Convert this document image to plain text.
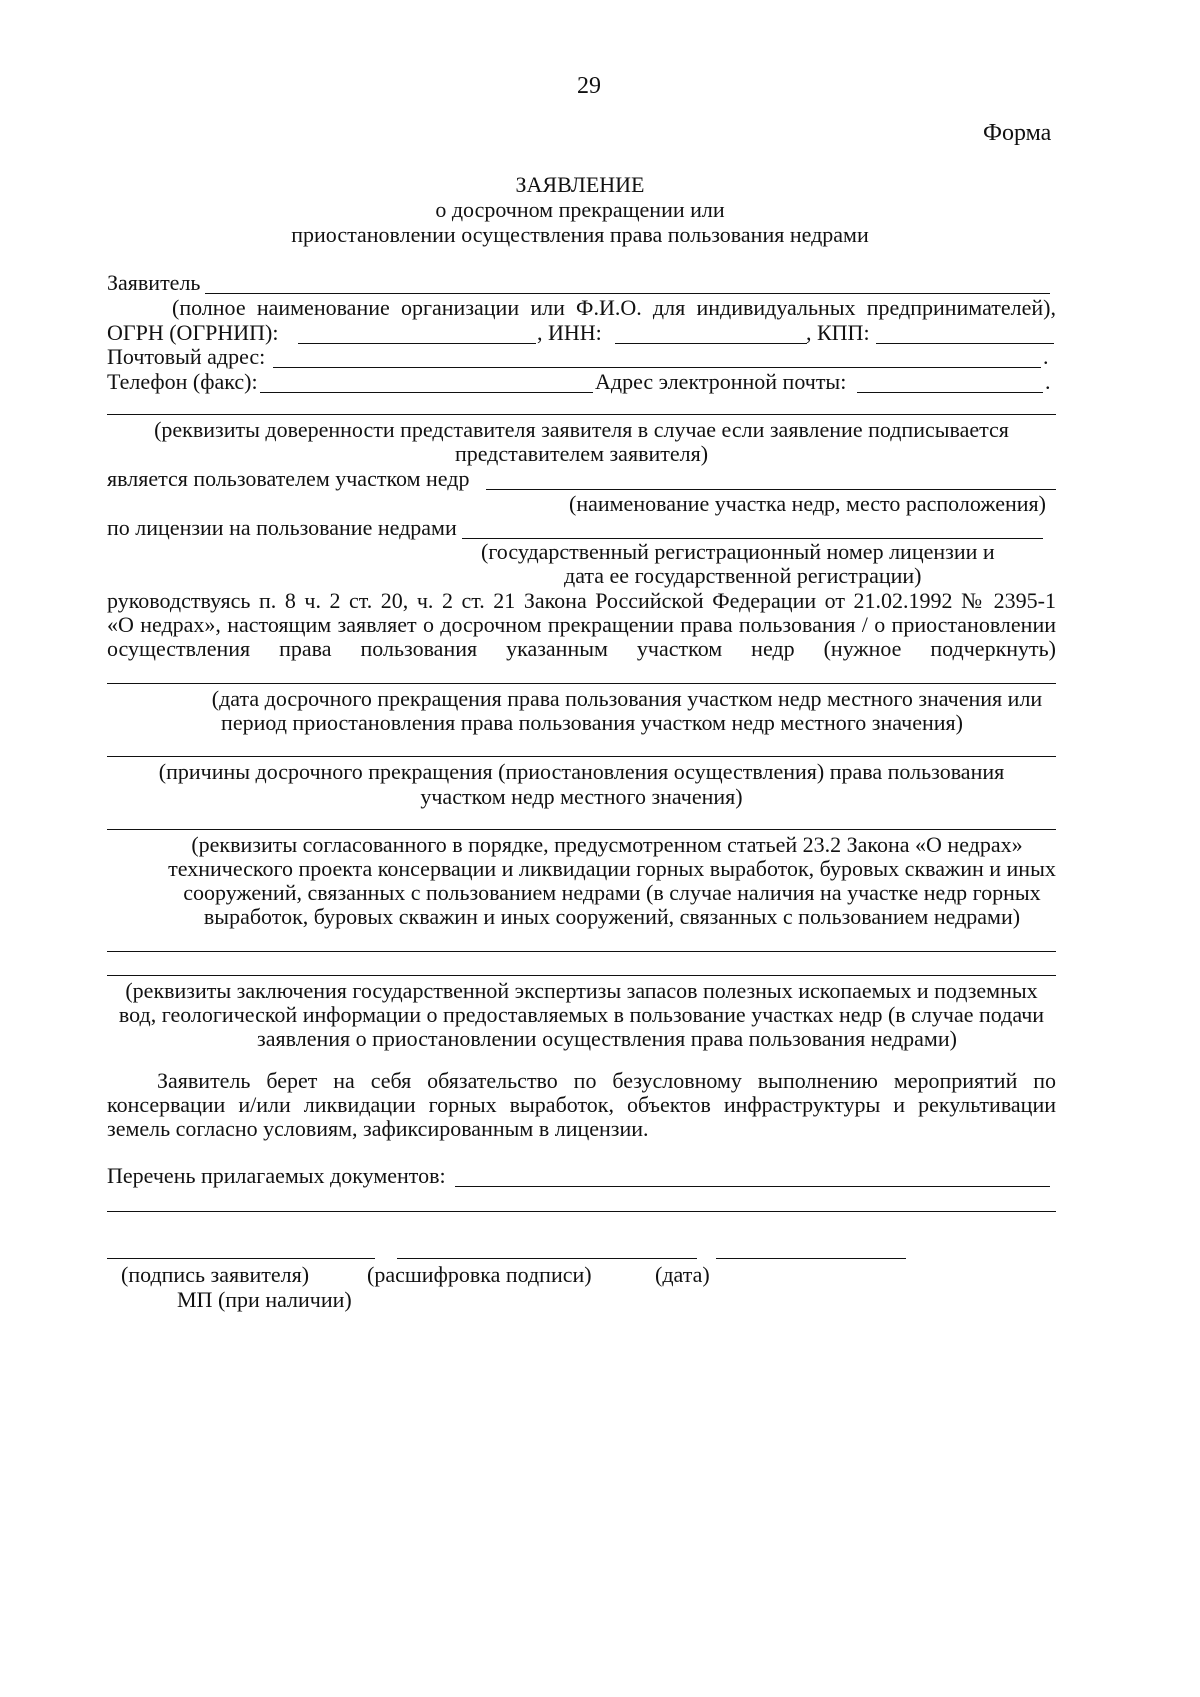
29
Форма
ЗАЯВЛЕНИЕ
о досрочном прекращении или
приостановлении осуществления права пользования недрами
Заявитель
(полное наименование организации или Ф.И.О. для индивидуальных предпринимателей),
ОГРН (ОГРНИП):	, ИНН:	, КПП:
Почтовый адрес:	.
Телефон (факс):	Адрес электронной почты:	.
(реквизиты доверенности представителя заявителя в случае если заявление подписывается
представителем заявителя)
является пользователем участком недр
(наименование участка недр, место расположения)
по лицензии на пользование недрами
(государственный регистрационный номер лицензии и
дата ее государственной регистрации)
руководствуясь п. 8 ч. 2 ст. 20, ч. 2 ст. 21 Закона Российской Федерации от 21.02.1992 № 2395-1
«О недрах», настоящим заявляет о досрочном прекращении права пользования / о приостановлении
осуществления права пользования указанным участком недр (нужное подчеркнуть)
(дата досрочного прекращения права пользования участком недр местного значения или
период приостановления права пользования участком недр местного значения)
(причины досрочного прекращения (приостановления осуществления) права пользования
участком недр местного значения)
(реквизиты согласованного в порядке, предусмотренном статьей 23.2 Закона «О недрах»
технического проекта консервации и ликвидации горных выработок, буровых скважин и иных
сооружений, связанных с пользованием недрами (в случае наличия на участке недр горных
выработок, буровых скважин и иных сооружений, связанных с пользованием недрами)
(реквизиты заключения государственной экспертизы запасов полезных ископаемых и подземных
вод, геологической информации о предоставляемых в пользование участках недр (в случае подачи
заявления о приостановлении осуществления права пользования недрами)
Заявитель берет на себя обязательство по безусловному выполнению мероприятий по
консервации и/или ликвидации горных выработок, объектов инфраструктуры и рекультивации
земель согласно условиям, зафиксированным в лицензии.
Перечень прилагаемых документов:
(подпись заявителя)	(расшифровка подписи)	(дата)
МП (при наличии)
